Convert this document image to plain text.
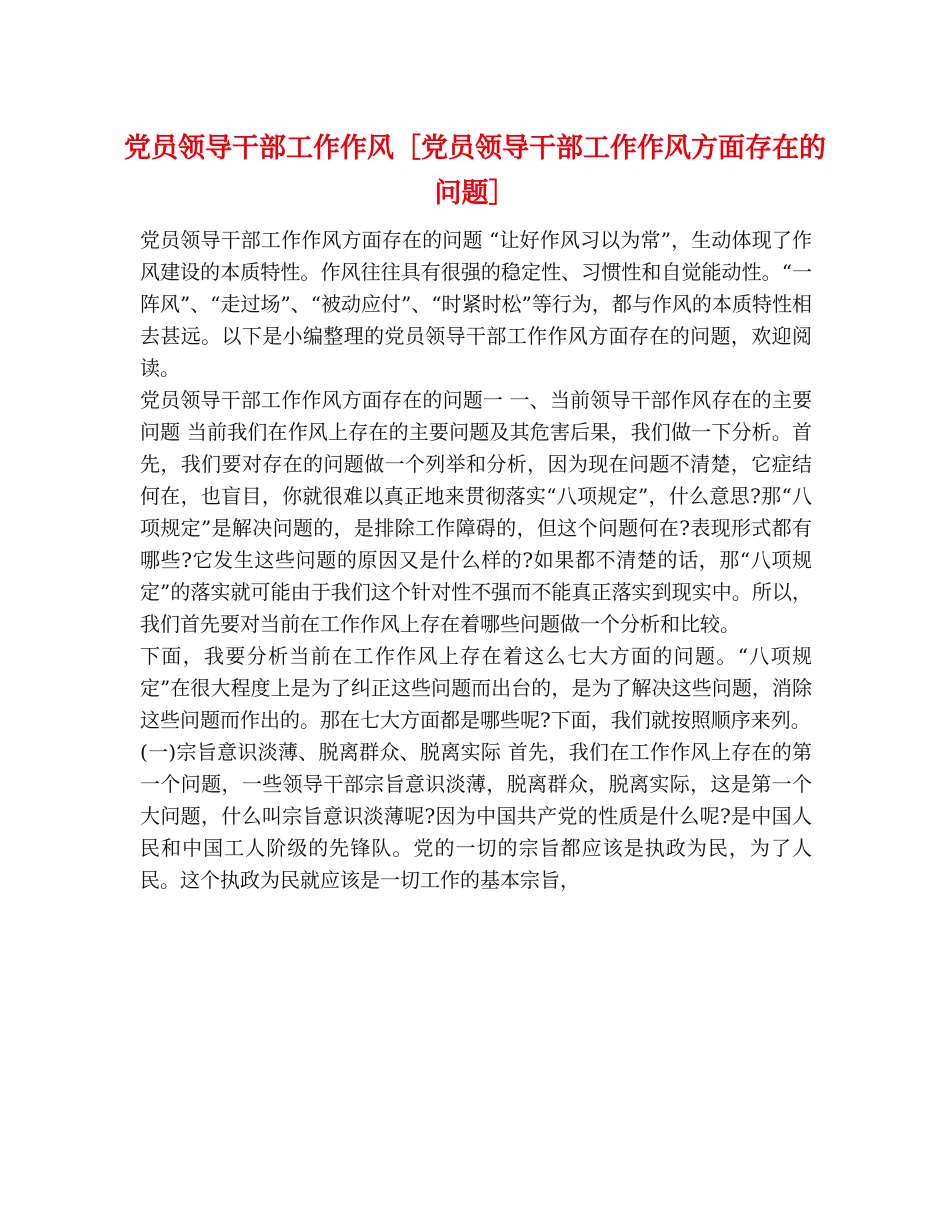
党员领导干部工作作风［党员领导干部工作作风方面存在的问题］

党员领导干部工作作风方面存在的问题 “让好作风习以为常”，生动体现了作风建设的本质特性。作风往往具有很强的稳定性、习惯性和自觉能动性。“一阵风”、“走过场”、“被动应付”、“时紧时松”等行为，都与作风的本质特性相去甚远。以下是小编整理的党员领导干部工作作风方面存在的问题，欢迎阅读。

党员领导干部工作作风方面存在的问题一 一、当前领导干部作风存在的主要问题 当前我们在作风上存在的主要问题及其危害后果，我们做一下分析。首先，我们要对存在的问题做一个列举和分析，因为现在问题不清楚，它症结何在，也盲目，你就很难以真正地来贯彻落实“八项规定”，什么意思?那“八项规定”是解决问题的，是排除工作障碍的，但这个问题何在?表现形式都有哪些?它发生这些问题的原因又是什么样的?如果都不清楚的话，那“八项规定”的落实就可能由于我们这个针对性不强而不能真正落实到现实中。所以，我们首先要对当前在工作作风上存在着哪些问题做一个分析和比较。

下面，我要分析当前在工作作风上存在着这么七大方面的问题。“八项规定”在很大程度上是为了纠正这些问题而出台的，是为了解决这些问题，消除这些问题而作出的。那在七大方面都是哪些呢?下面，我们就按照顺序来列。

(一)宗旨意识淡薄、脱离群众、脱离实际 首先，我们在工作作风上存在的第一个问题，一些领导干部宗旨意识淡薄，脱离群众，脱离实际，这是第一个大问题，什么叫宗旨意识淡薄呢?因为中国共产党的性质是什么呢?是中国人民和中国工人阶级的先锋队。党的一切的宗旨都应该是执政为民，为了人民。这个执政为民就应该是一切工作的基本宗旨，
